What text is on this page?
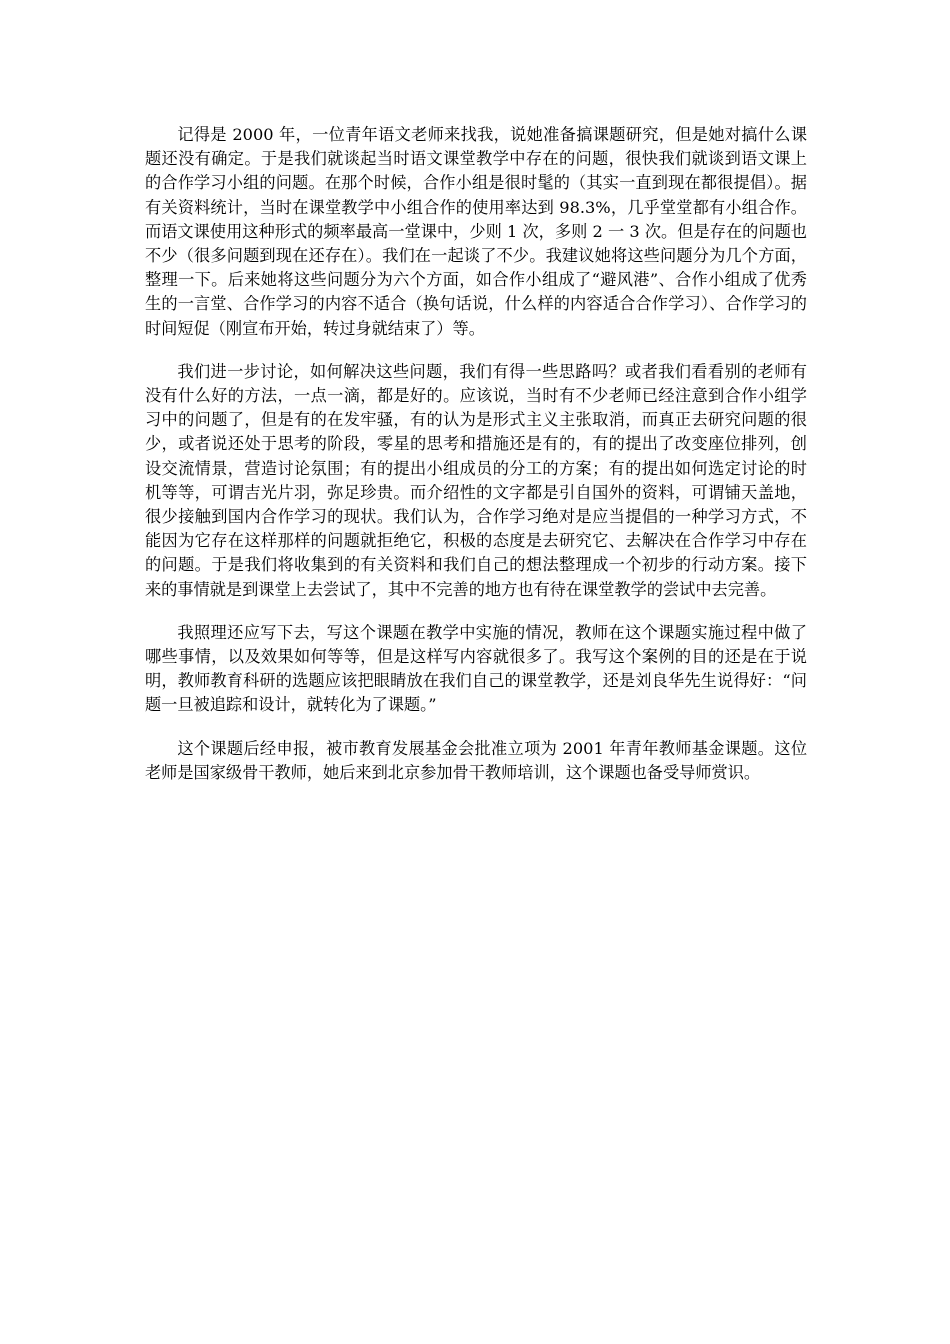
记得是 2000 年，一位青年语文老师来找我，说她准备搞课题研究，但是她对搞什么课题还没有确定。于是我们就谈起当时语文课堂教学中存在的问题，很快我们就谈到语文课上的合作学习小组的问题。在那个时候，合作小组是很时髦的（其实一直到现在都很提倡）。据有关资料统计，当时在课堂教学中小组合作的使用率达到 98.3%，几乎堂堂都有小组合作。而语文课使用这种形式的频率最高一堂课中，少则 1 次，多则 2 一 3 次。但是存在的问题也不少（很多问题到现在还存在）。我们在一起谈了不少。我建议她将这些问题分为几个方面，整理一下。后来她将这些问题分为六个方面，如合作小组成了“避风港”、合作小组成了优秀生的一言堂、合作学习的内容不适合（换句话说，什么样的内容适合合作学习）、合作学习的时间短促（刚宣布开始，转过身就结束了）等。

我们进一步讨论，如何解决这些问题，我们有得一些思路吗？或者我们看看别的老师有没有什么好的方法，一点一滴，都是好的。应该说，当时有不少老师已经注意到合作小组学习中的问题了，但是有的在发牢骚，有的认为是形式主义主张取消，而真正去研究问题的很少，或者说还处于思考的阶段，零星的思考和措施还是有的，有的提出了改变座位排列，创设交流情景，营造讨论氛围；有的提出小组成员的分工的方案；有的提出如何选定讨论的时机等等，可谓吉光片羽，弥足珍贵。而介绍性的文字都是引自国外的资料，可谓铺天盖地，很少接触到国内合作学习的现状。我们认为，合作学习绝对是应当提倡的一种学习方式，不能因为它存在这样那样的问题就拒绝它，积极的态度是去研究它、去解决在合作学习中存在的问题。于是我们将收集到的有关资料和我们自己的想法整理成一个初步的行动方案。接下来的事情就是到课堂上去尝试了，其中不完善的地方也有待在课堂教学的尝试中去完善。

我照理还应写下去，写这个课题在教学中实施的情况，教师在这个课题实施过程中做了哪些事情，以及效果如何等等，但是这样写内容就很多了。我写这个案例的目的还是在于说明，教师教育科研的选题应该把眼睛放在我们自己的课堂教学，还是刘良华先生说得好：“问题一旦被追踪和设计，就转化为了课题。”

这个课题后经申报，被市教育发展基金会批准立项为 2001 年青年教师基金课题。这位老师是国家级骨干教师，她后来到北京参加骨干教师培训，这个课题也备受导师赏识。
